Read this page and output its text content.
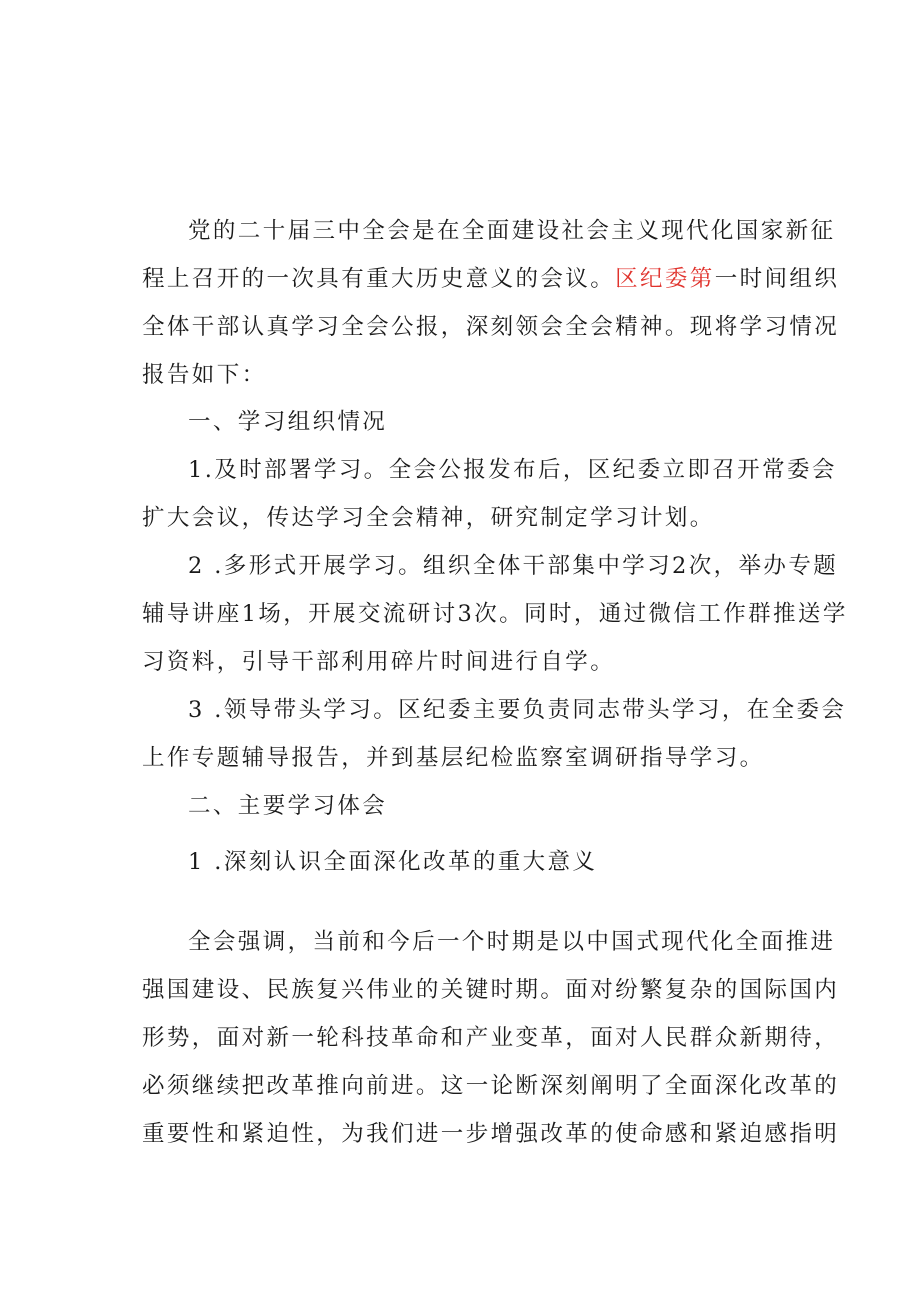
党的二十届三中全会是在全面建设社会主义现代化国家新征
程上召开的一次具有重大历史意义的会议。区纪委第一时间组织
全体干部认真学习全会公报，深刻领会全会精神。现将学习情况
报告如下：
一、学习组织情况
1.及时部署学习。全会公报发布后，区纪委立即召开常委会
扩大会议，传达学习全会精神，研究制定学习计划。
2 .多形式开展学习。组织全体干部集中学习2次，举办专题
辅导讲座1场，开展交流研讨3次。同时，通过微信工作群推送学
习资料，引导干部利用碎片时间进行自学。
3 .领导带头学习。区纪委主要负责同志带头学习，在全委会
上作专题辅导报告，并到基层纪检监察室调研指导学习。
二、主要学习体会
1 .深刻认识全面深化改革的重大意义
全会强调，当前和今后一个时期是以中国式现代化全面推进
强国建设、民族复兴伟业的关键时期。面对纷繁复杂的国际国内
形势，面对新一轮科技革命和产业变革，面对人民群众新期待，
必须继续把改革推向前进。这一论断深刻阐明了全面深化改革的
重要性和紧迫性，为我们进一步增强改革的使命感和紧迫感指明
